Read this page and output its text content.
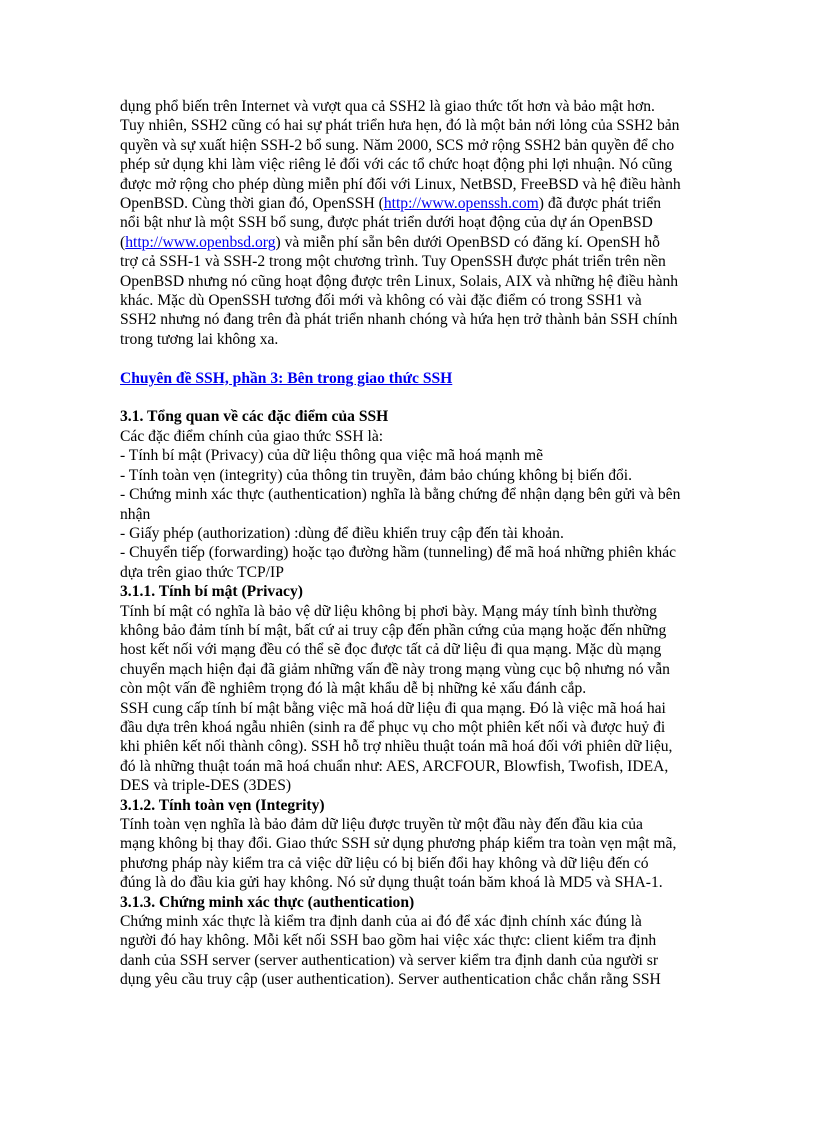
dụng phổ biến trên Internet và vượt qua cả SSH2 là giao thức tốt hơn và bảo mật hơn.
Tuy nhiên, SSH2 cũng có hai sự phát triển hưa hẹn, đó là một bản nới lỏng của SSH2 bản
quyền và sự xuất hiện SSH-2 bổ sung. Năm 2000, SCS mở rộng SSH2 bản quyền để cho
phép sử dụng khi làm việc riêng lẻ đối với các tổ chức hoạt động phi lợi nhuận. Nó cũng
được mở rộng cho phép dùng miễn phí đối với Linux, NetBSD, FreeBSD và hệ điều hành
OpenBSD. Cùng thời gian đó, OpenSSH (http://www.openssh.com) đã được phát triển
nổi bật như là một SSH bổ sung, được phát triển dưới hoạt động của dự án OpenBSD
(http://www.openbsd.org) và miễn phí sẵn bên dưới OpenBSD có đăng kí. OpenSH hỗ
trợ cả SSH-1 và SSH-2 trong một chương trình. Tuy OpenSSH được phát triển trên nền
OpenBSD nhưng nó cũng hoạt động được trên Linux, Solais, AIX và những hệ điều hành
khác. Mặc dù OpenSSH tương đối mới và không có vài đặc điểm có trong SSH1 và
SSH2 nhưng nó đang trên đà phát triển nhanh chóng và hứa hẹn trở thành bản SSH chính
trong tương lai không xa.
Chuyên đề SSH, phần 3: Bên trong giao thức SSH
3.1. Tổng quan về các đặc điểm của SSH
Các đặc điểm chính của giao thức SSH là:
- Tính bí mật (Privacy) của dữ liệu thông qua việc mã hoá mạnh mẽ
- Tính toàn vẹn (integrity) của thông tin truyền, đảm bảo chúng không bị biến đổi.
- Chứng minh xác thực (authentication) nghĩa là bằng chứng để nhận dạng bên gửi và bên
nhận
- Giấy phép (authorization) :dùng để điều khiển truy cập đến tài khoản.
- Chuyển tiếp (forwarding) hoặc tạo đường hầm (tunneling) để mã hoá những phiên khác
dựa trên giao thức TCP/IP
3.1.1. Tính bí mật (Privacy)
Tính bí mật có nghĩa là bảo vệ dữ liệu không bị phơi bày. Mạng máy tính bình thường
không bảo đảm tính bí mật, bất cứ ai truy cập đến phần cứng của mạng hoặc đến những
host kết nối với mạng đều có thể sẽ đọc được tất cả dữ liệu đi qua mạng. Mặc dù mạng
chuyển mạch hiện đại đã giảm những vấn đề này trong mạng vùng cục bộ nhưng nó vẫn
còn một vấn đề nghiêm trọng đó là mật khẩu dễ bị những kẻ xấu đánh cắp.
SSH cung cấp tính bí mật bằng việc mã hoá dữ liệu đi qua mạng. Đó là việc mã hoá hai
đầu dựa trên khoá ngẫu nhiên (sinh ra để phục vụ cho một phiên kết nối và được huỷ đi
khi phiên kết nối thành công). SSH hỗ trợ nhiều thuật toán mã hoá đối với phiên dữ liệu,
đó là những thuật toán mã hoá chuẩn như: AES, ARCFOUR, Blowfish, Twofish, IDEA,
DES và triple-DES (3DES)
3.1.2. Tính toàn vẹn (Integrity)
Tính toàn vẹn nghĩa là bảo đảm dữ liệu được truyền từ một đầu này đến đầu kia của
mạng không bị thay đổi. Giao thức SSH sử dụng phương pháp kiểm tra toàn vẹn mật mã,
phương pháp này kiểm tra cả việc dữ liệu có bị biến đổi hay không và dữ liệu đến có
đúng là do đầu kia gửi hay không. Nó sử dụng thuật toán băm khoá là MD5 và SHA-1.
3.1.3. Chứng minh xác thực (authentication)
Chứng minh xác thực là kiểm tra định danh của ai đó để xác định chính xác đúng là
người đó hay không. Mỗi kết nối SSH bao gồm hai việc xác thực: client kiểm tra định
danh của SSH server (server authentication) và server kiểm tra định danh của người sr
dụng yêu cầu truy cập (user authentication). Server authentication chắc chắn rằng SSH
